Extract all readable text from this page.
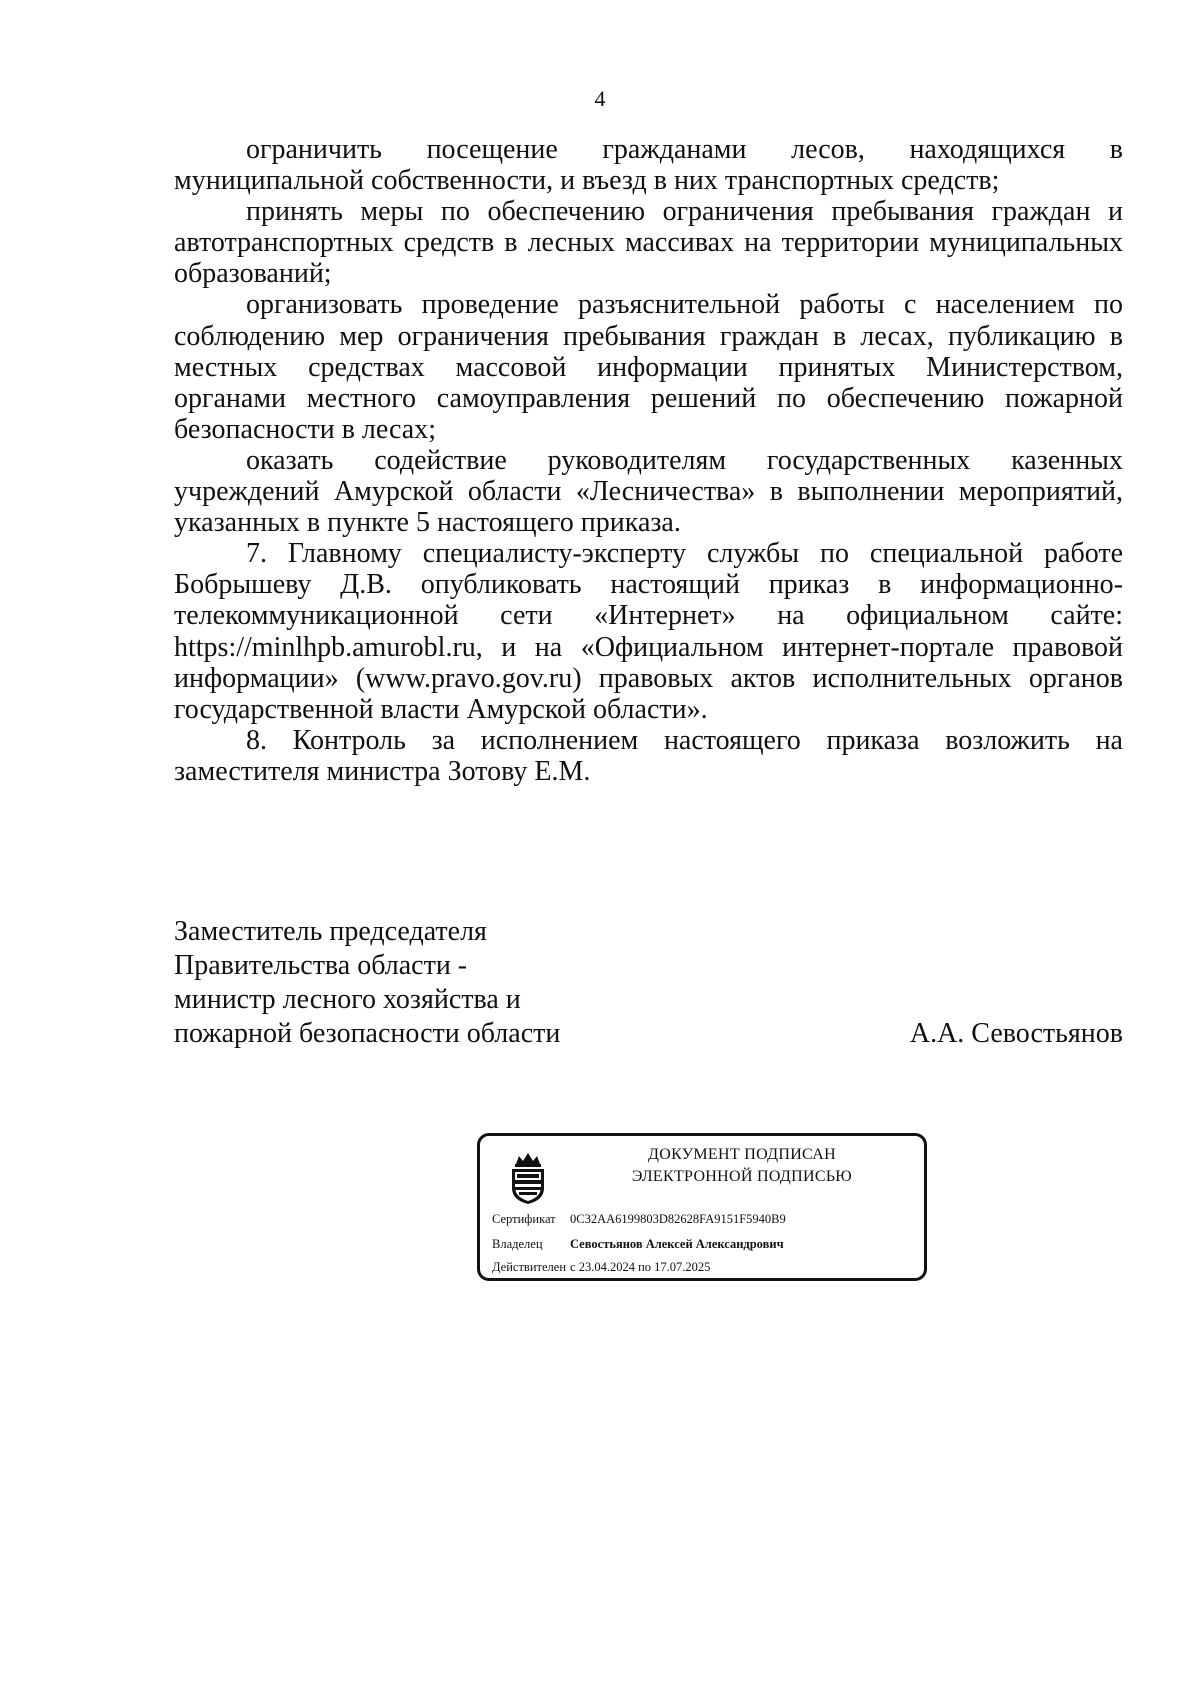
4

ограничить посещение гражданами лесов, находящихся в муниципальной собственности, и въезд в них транспортных средств;

принять меры по обеспечению ограничения пребывания граждан и автотранспортных средств в лесных массивах на территории муниципальных образований;

организовать проведение разъяснительной работы с населением по соблюдению мер ограничения пребывания граждан в лесах, публикацию в местных средствах массовой информации принятых Министерством, органами местного самоуправления решений по обеспечению пожарной безопасности в лесах;

оказать содействие руководителям государственных казенных учреждений Амурской области «Лесничества» в выполнении мероприятий, указанных в пункте 5 настоящего приказа.

7. Главному специалисту-эксперту службы по специальной работе Бобрышеву Д.В. опубликовать настоящий приказ в информационно-телекоммуникационной сети «Интернет» на официальном сайте: https://minlhpb.amurobl.ru, и на «Официальном интернет-портале правовой информации» (www.pravo.gov.ru) правовых актов исполнительных органов государственной власти Амурской области».

8. Контроль за исполнением настоящего приказа возложить на заместителя министра Зотову Е.М.

Заместитель председателя
Правительства области -
министр лесного хозяйства и
пожарной безопасности области	А.А. Севостьянов
ДОКУМЕНТ ПОДПИСАН
ЭЛЕКТРОННОЙ ПОДПИСЬЮ
Сертификат 0C32AA6199803D82628FA9151F5940B9
Владелец Севостьянов Алексей Александрович
Действителен с 23.04.2024 по 17.07.2025
